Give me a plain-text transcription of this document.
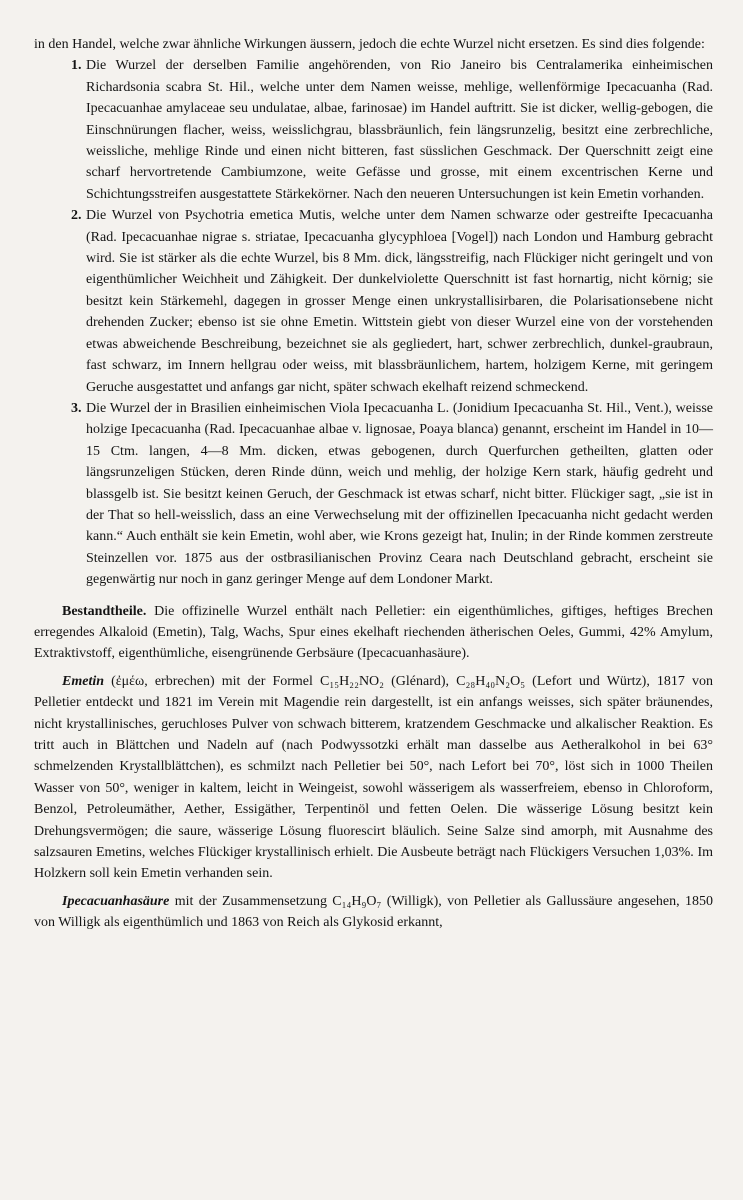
in den Handel, welche zwar ähnliche Wirkungen äussern, jedoch die echte Wurzel nicht ersetzen. Es sind dies folgende:

1. Die Wurzel der derselben Familie angehörenden, von Rio Janeiro bis Centralamerika einheimischen Richardsonia scabra St. Hil., welche unter dem Namen weisse, mehlige, wellenförmige Ipecacuanha (Rad. Ipecacuanhae amylaceae seu undulatae, albae, farinosae) im Handel auftritt. Sie ist dicker, wellig-gebogen, die Einschnürungen flacher, weiss, weisslichgrau, blassbräunlich, fein längsrunzelig, besitzt eine zerbrechliche, weissliche, mehlige Rinde und einen nicht bitteren, fast süsslichen Geschmack. Der Querschnitt zeigt eine scharf hervortretende Cambiumzone, weite Gefässe und grosse, mit einem excentrischen Kerne und Schichtungsstreifen ausgestattete Stärkekörner. Nach den neueren Untersuchungen ist kein Emetin vorhanden.
2. Die Wurzel von Psychotria emetica Mutis, welche unter dem Namen schwarze oder gestreifte Ipecacuanha (Rad. Ipecacuanhae nigrae s. striatae, Ipecacuanha glycyphloea [Vogel]) nach London und Hamburg gebracht wird. Sie ist stärker als die echte Wurzel, bis 8 Mm. dick, längsstreifig, nach Flückiger nicht geringelt und von eigenthümlicher Weichheit und Zähigkeit. Der dunkelviolette Querschnitt ist fast hornartig, nicht körnig; sie besitzt kein Stärkemehl, dagegen in grosser Menge einen unkrystallisirbaren, die Polarisationsebene nicht drehenden Zucker; ebenso ist sie ohne Emetin. Wittstein giebt von dieser Wurzel eine von der vorstehenden etwas abweichende Beschreibung, bezeichnet sie als gegliedert, hart, schwer zerbrechlich, dunkel-graubraun, fast schwarz, im Innern hellgrau oder weiss, mit blassbräunlichem, hartem, holzigem Kerne, mit geringem Geruche ausgestattet und anfangs gar nicht, später schwach ekelhaft reizend schmeckend.
3. Die Wurzel der in Brasilien einheimischen Viola Ipecacuanha L. (Jonidium Ipecacuanha St. Hil., Vent.), weisse holzige Ipecacuanha (Rad. Ipecacuanhae albae v. lignosae, Poaya blanca) genannt, erscheint im Handel in 10—15 Ctm. langen, 4—8 Mm. dicken, etwas gebogenen, durch Querfurchen getheilten, glatten oder längsrunzeligen Stücken, deren Rinde dünn, weich und mehlig, der holzige Kern stark, häufig gedreht und blassgelb ist. Sie besitzt keinen Geruch, der Geschmack ist etwas scharf, nicht bitter. Flückiger sagt, „sie ist in der That so hell-weisslich, dass an eine Verwechselung mit der offizinellen Ipecacuanha nicht gedacht werden kann.“ Auch enthält sie kein Emetin, wohl aber, wie Krons gezeigt hat, Inulin; in der Rinde kommen zerstreute Steinzellen vor. 1875 aus der ostbrasilianischen Provinz Ceara nach Deutschland gebracht, erscheint sie gegenwärtig nur noch in ganz geringer Menge auf dem Londoner Markt.

Bestandtheile. Die offizinelle Wurzel enthält nach Pelletier: ein eigenthümliches, giftiges, heftiges Brechen erregendes Alkaloid (Emetin), Talg, Wachs, Spur eines ekelhaft riechenden ätherischen Oeles, Gummi, 42% Amylum, Extraktivstoff, eigenthümliche, eisengrünende Gerbsäure (Ipecacuanhasäure).

Emetin (ἐμέω, erbrechen) mit der Formel C₁₅H₂₂NO₂ (Glénard), C₂₈H₄₀N₂O₅ (Lefort und Würtz), 1817 von Pelletier entdeckt und 1821 im Verein mit Magendie rein dargestellt, ist ein anfangs weisses, sich später bräunendes, nicht krystallinisches, geruchloses Pulver von schwach bitterem, kratzendem Geschmacke und alkalischer Reaktion. Es tritt auch in Blättchen und Nadeln auf (nach Podwyssotzki erhält man dasselbe aus Aetheralkohol in bei 63° schmelzenden Krystallblättchen), es schmilzt nach Pelletier bei 50°, nach Lefort bei 70°, löst sich in 1000 Theilen Wasser von 50°, weniger in kaltem, leicht in Weingeist, sowohl wässerigem als wasserfreiem, ebenso in Chloroform, Benzol, Petroleumäther, Aether, Essigäther, Terpentinöl und fetten Oelen. Die wässerige Lösung besitzt kein Drehungsvermögen; die saure, wässerige Lösung fluorescirt bläulich. Seine Salze sind amorph, mit Ausnahme des salzsauren Emetins, welches Flückiger krystallinisch erhielt. Die Ausbeute beträgt nach Flückigers Versuchen 1,03%. Im Holzkern soll kein Emetin verhanden sein.

Ipecacuanhasäure mit der Zusammensetzung C₁₄H₉O₇ (Willigk), von Pelletier als Gallussäure angesehen, 1850 von Willigk als eigenthümlich und 1863 von Reich als Glykosid erkannt,
